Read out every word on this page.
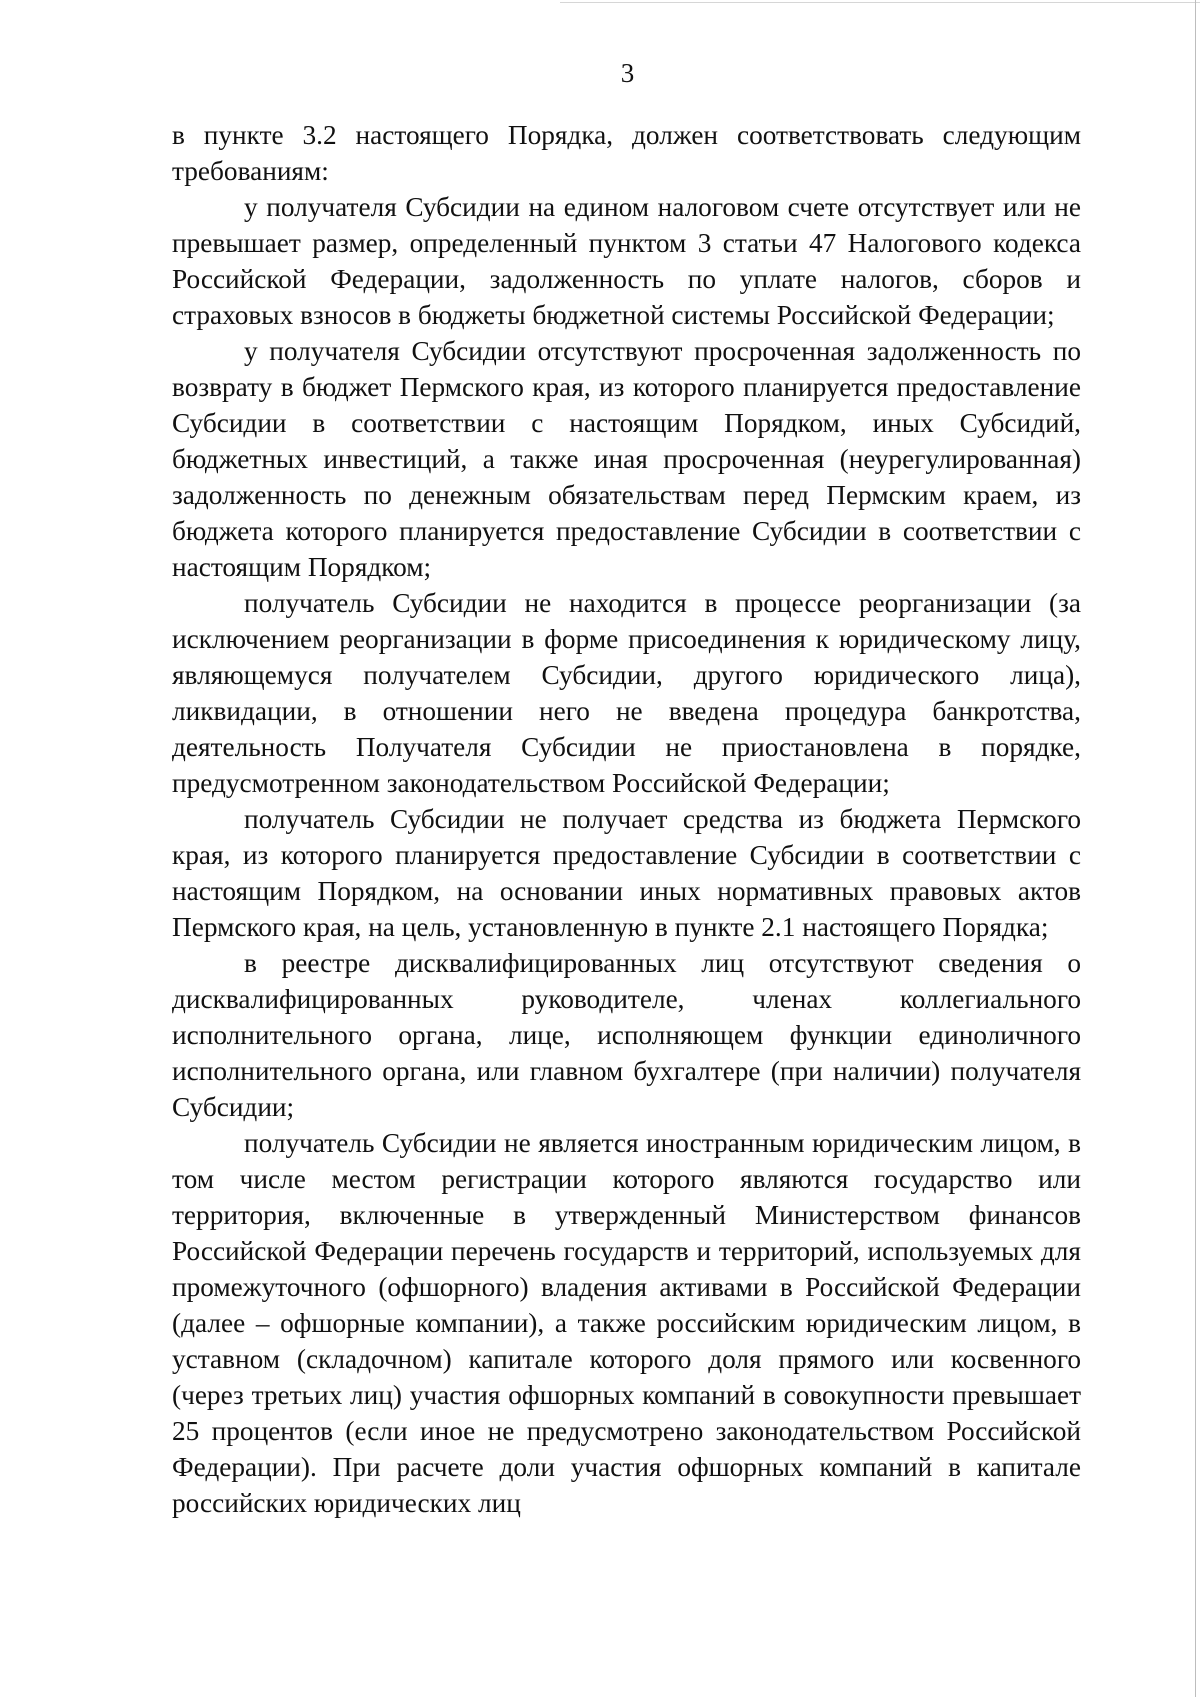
3

в пункте 3.2 настоящего Порядка, должен соответствовать следующим требованиям:

у получателя Субсидии на едином налоговом счете отсутствует или не превышает размер, определенный пунктом 3 статьи 47 Налогового кодекса Российской Федерации, задолженность по уплате налогов, сборов и страховых взносов в бюджеты бюджетной системы Российской Федерации;

у получателя Субсидии отсутствуют просроченная задолженность по возврату в бюджет Пермского края, из которого планируется предоставление Субсидии в соответствии с настоящим Порядком, иных Субсидий, бюджетных инвестиций, а также иная просроченная (неурегулированная) задолженность по денежным обязательствам перед Пермским краем, из бюджета которого планируется предоставление Субсидии в соответствии с настоящим Порядком;

получатель Субсидии не находится в процессе реорганизации (за исключением реорганизации в форме присоединения к юридическому лицу, являющемуся получателем Субсидии, другого юридического лица), ликвидации, в отношении него не введена процедура банкротства, деятельность Получателя Субсидии не приостановлена в порядке, предусмотренном законодательством Российской Федерации;

получатель Субсидии не получает средства из бюджета Пермского края, из которого планируется предоставление Субсидии в соответствии с настоящим Порядком, на основании иных нормативных правовых актов Пермского края, на цель, установленную в пункте 2.1 настоящего Порядка;

в реестре дисквалифицированных лиц отсутствуют сведения о дисквалифицированных руководителе, членах коллегиального исполнительного органа, лице, исполняющем функции единоличного исполнительного органа, или главном бухгалтере (при наличии) получателя Субсидии;

получатель Субсидии не является иностранным юридическим лицом, в том числе местом регистрации которого являются государство или территория, включенные в утвержденный Министерством финансов Российской Федерации перечень государств и территорий, используемых для промежуточного (офшорного) владения активами в Российской Федерации (далее – офшорные компании), а также российским юридическим лицом, в уставном (складочном) капитале которого доля прямого или косвенного (через третьих лиц) участия офшорных компаний в совокупности превышает 25 процентов (если иное не предусмотрено законодательством Российской Федерации). При расчете доли участия офшорных компаний в капитале российских юридических лиц
